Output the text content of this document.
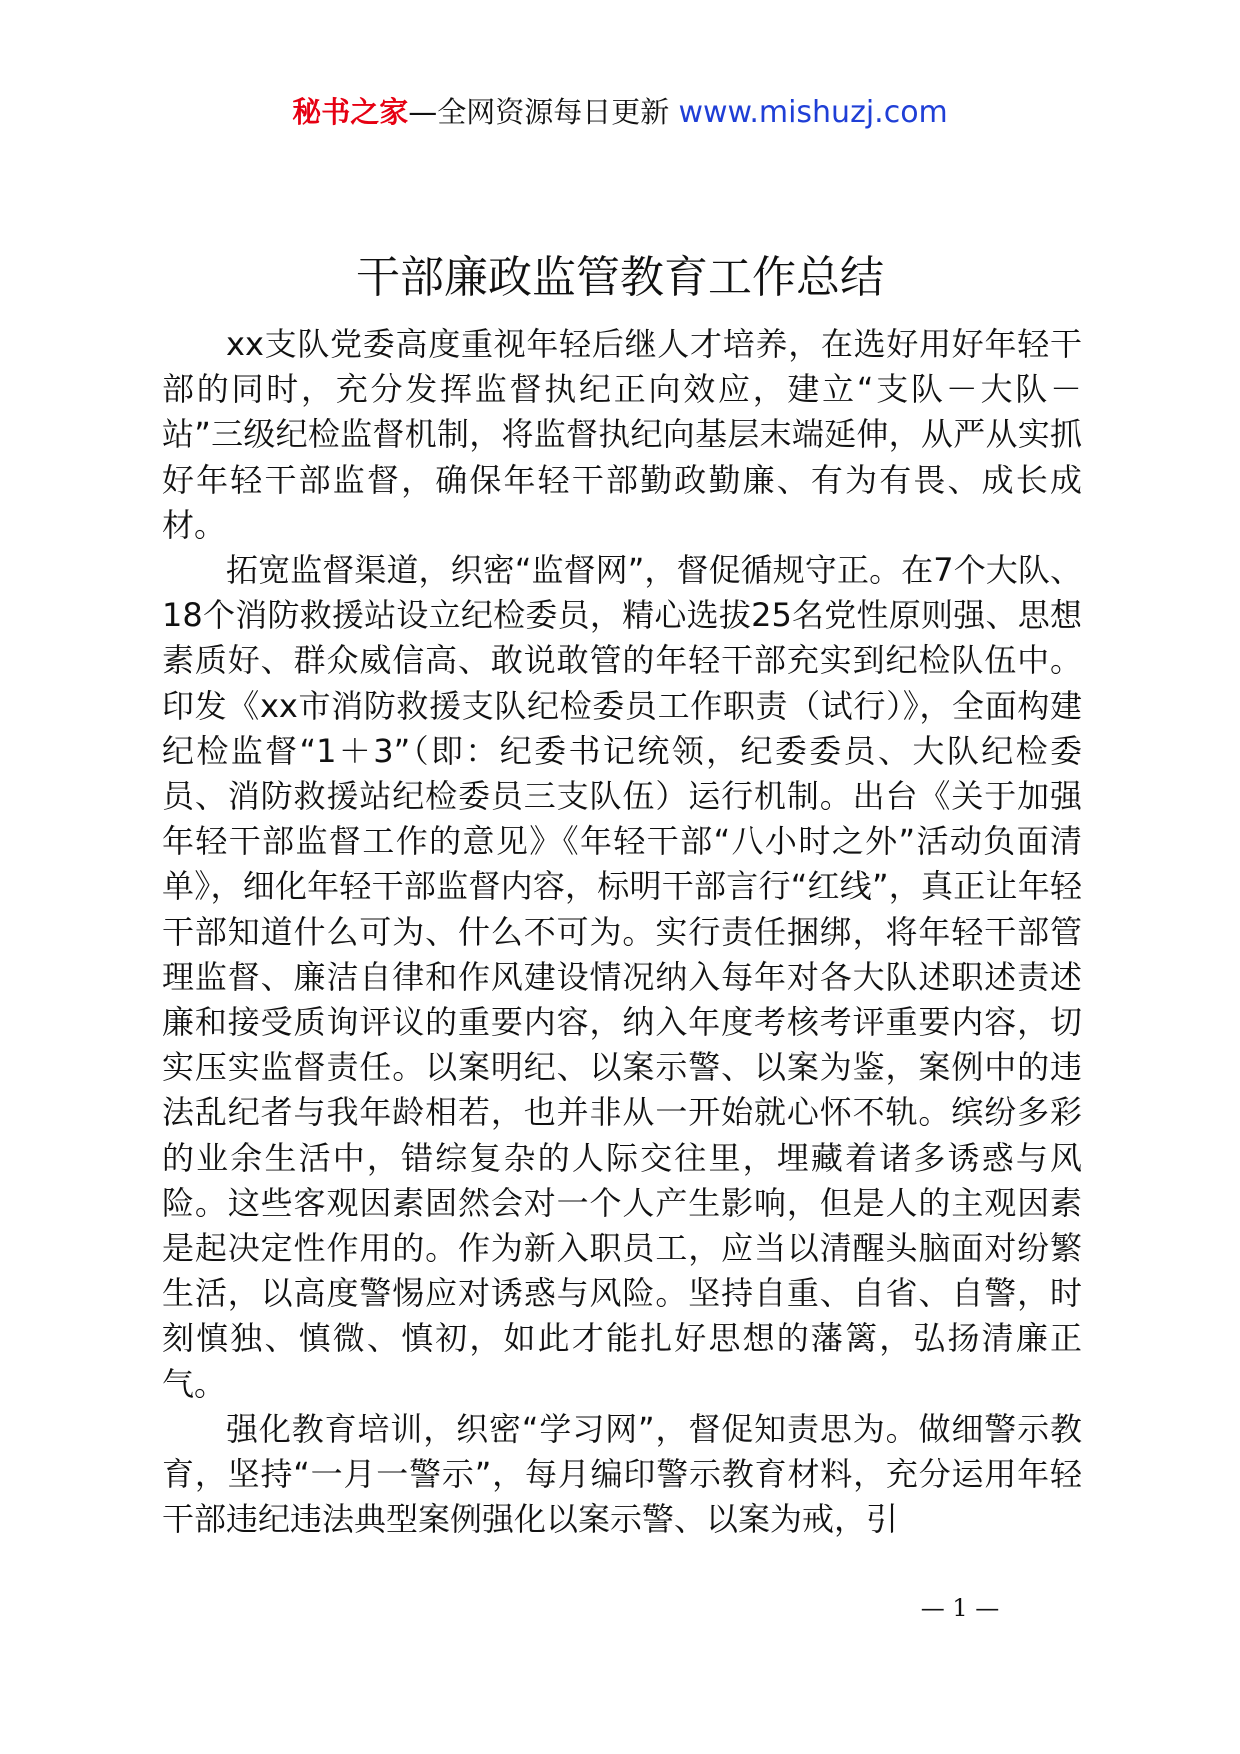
秘书之家—全网资源每日更新 www.mishuzj.com
干部廉政监管教育工作总结

xx支队党委高度重视年轻后继人才培养，在选好用好年轻干部的同时，充分发挥监督执纪正向效应，建立“支队－大队－站”三级纪检监督机制，将监督执纪向基层末端延伸，从严从实抓好年轻干部监督，确保年轻干部勤政勤廉、有为有畏、成长成材。

拓宽监督渠道，织密“监督网”，督促循规守正。在7个大队、18个消防救援站设立纪检委员，精心选拔25名党性原则强、思想素质好、群众威信高、敢说敢管的年轻干部充实到纪检队伍中。印发《xx市消防救援支队纪检委员工作职责（试行）》，全面构建纪检监督“1＋3”（即：纪委书记统领，纪委委员、大队纪检委员、消防救援站纪检委员三支队伍）运行机制。出台《关于加强年轻干部监督工作的意见》《年轻干部“八小时之外”活动负面清单》，细化年轻干部监督内容，标明干部言行“红线”，真正让年轻干部知道什么可为、什么不可为。实行责任捆绑，将年轻干部管理监督、廉洁自律和作风建设情况纳入每年对各大队述职述责述廉和接受质询评议的重要内容，纳入年度考核考评重要内容，切实压实监督责任。以案明纪、以案示警、以案为鉴，案例中的违法乱纪者与我年龄相若，也并非从一开始就心怀不轨。缤纷多彩的业余生活中，错综复杂的人际交往里，埋藏着诸多诱惑与风险。这些客观因素固然会对一个人产生影响，但是人的主观因素是起决定性作用的。作为新入职员工，应当以清醒头脑面对纷繁生活，以高度警惕应对诱惑与风险。坚持自重、自省、自警，时刻慎独、慎微、慎初，如此才能扎好思想的藩篱，弘扬清廉正气。

强化教育培训，织密“学习网”，督促知责思为。做细警示教育，坚持“一月一警示”，每月编印警示教育材料，充分运用年轻干部违纪违法典型案例强化以案示警、以案为戒，引

— 1 —
